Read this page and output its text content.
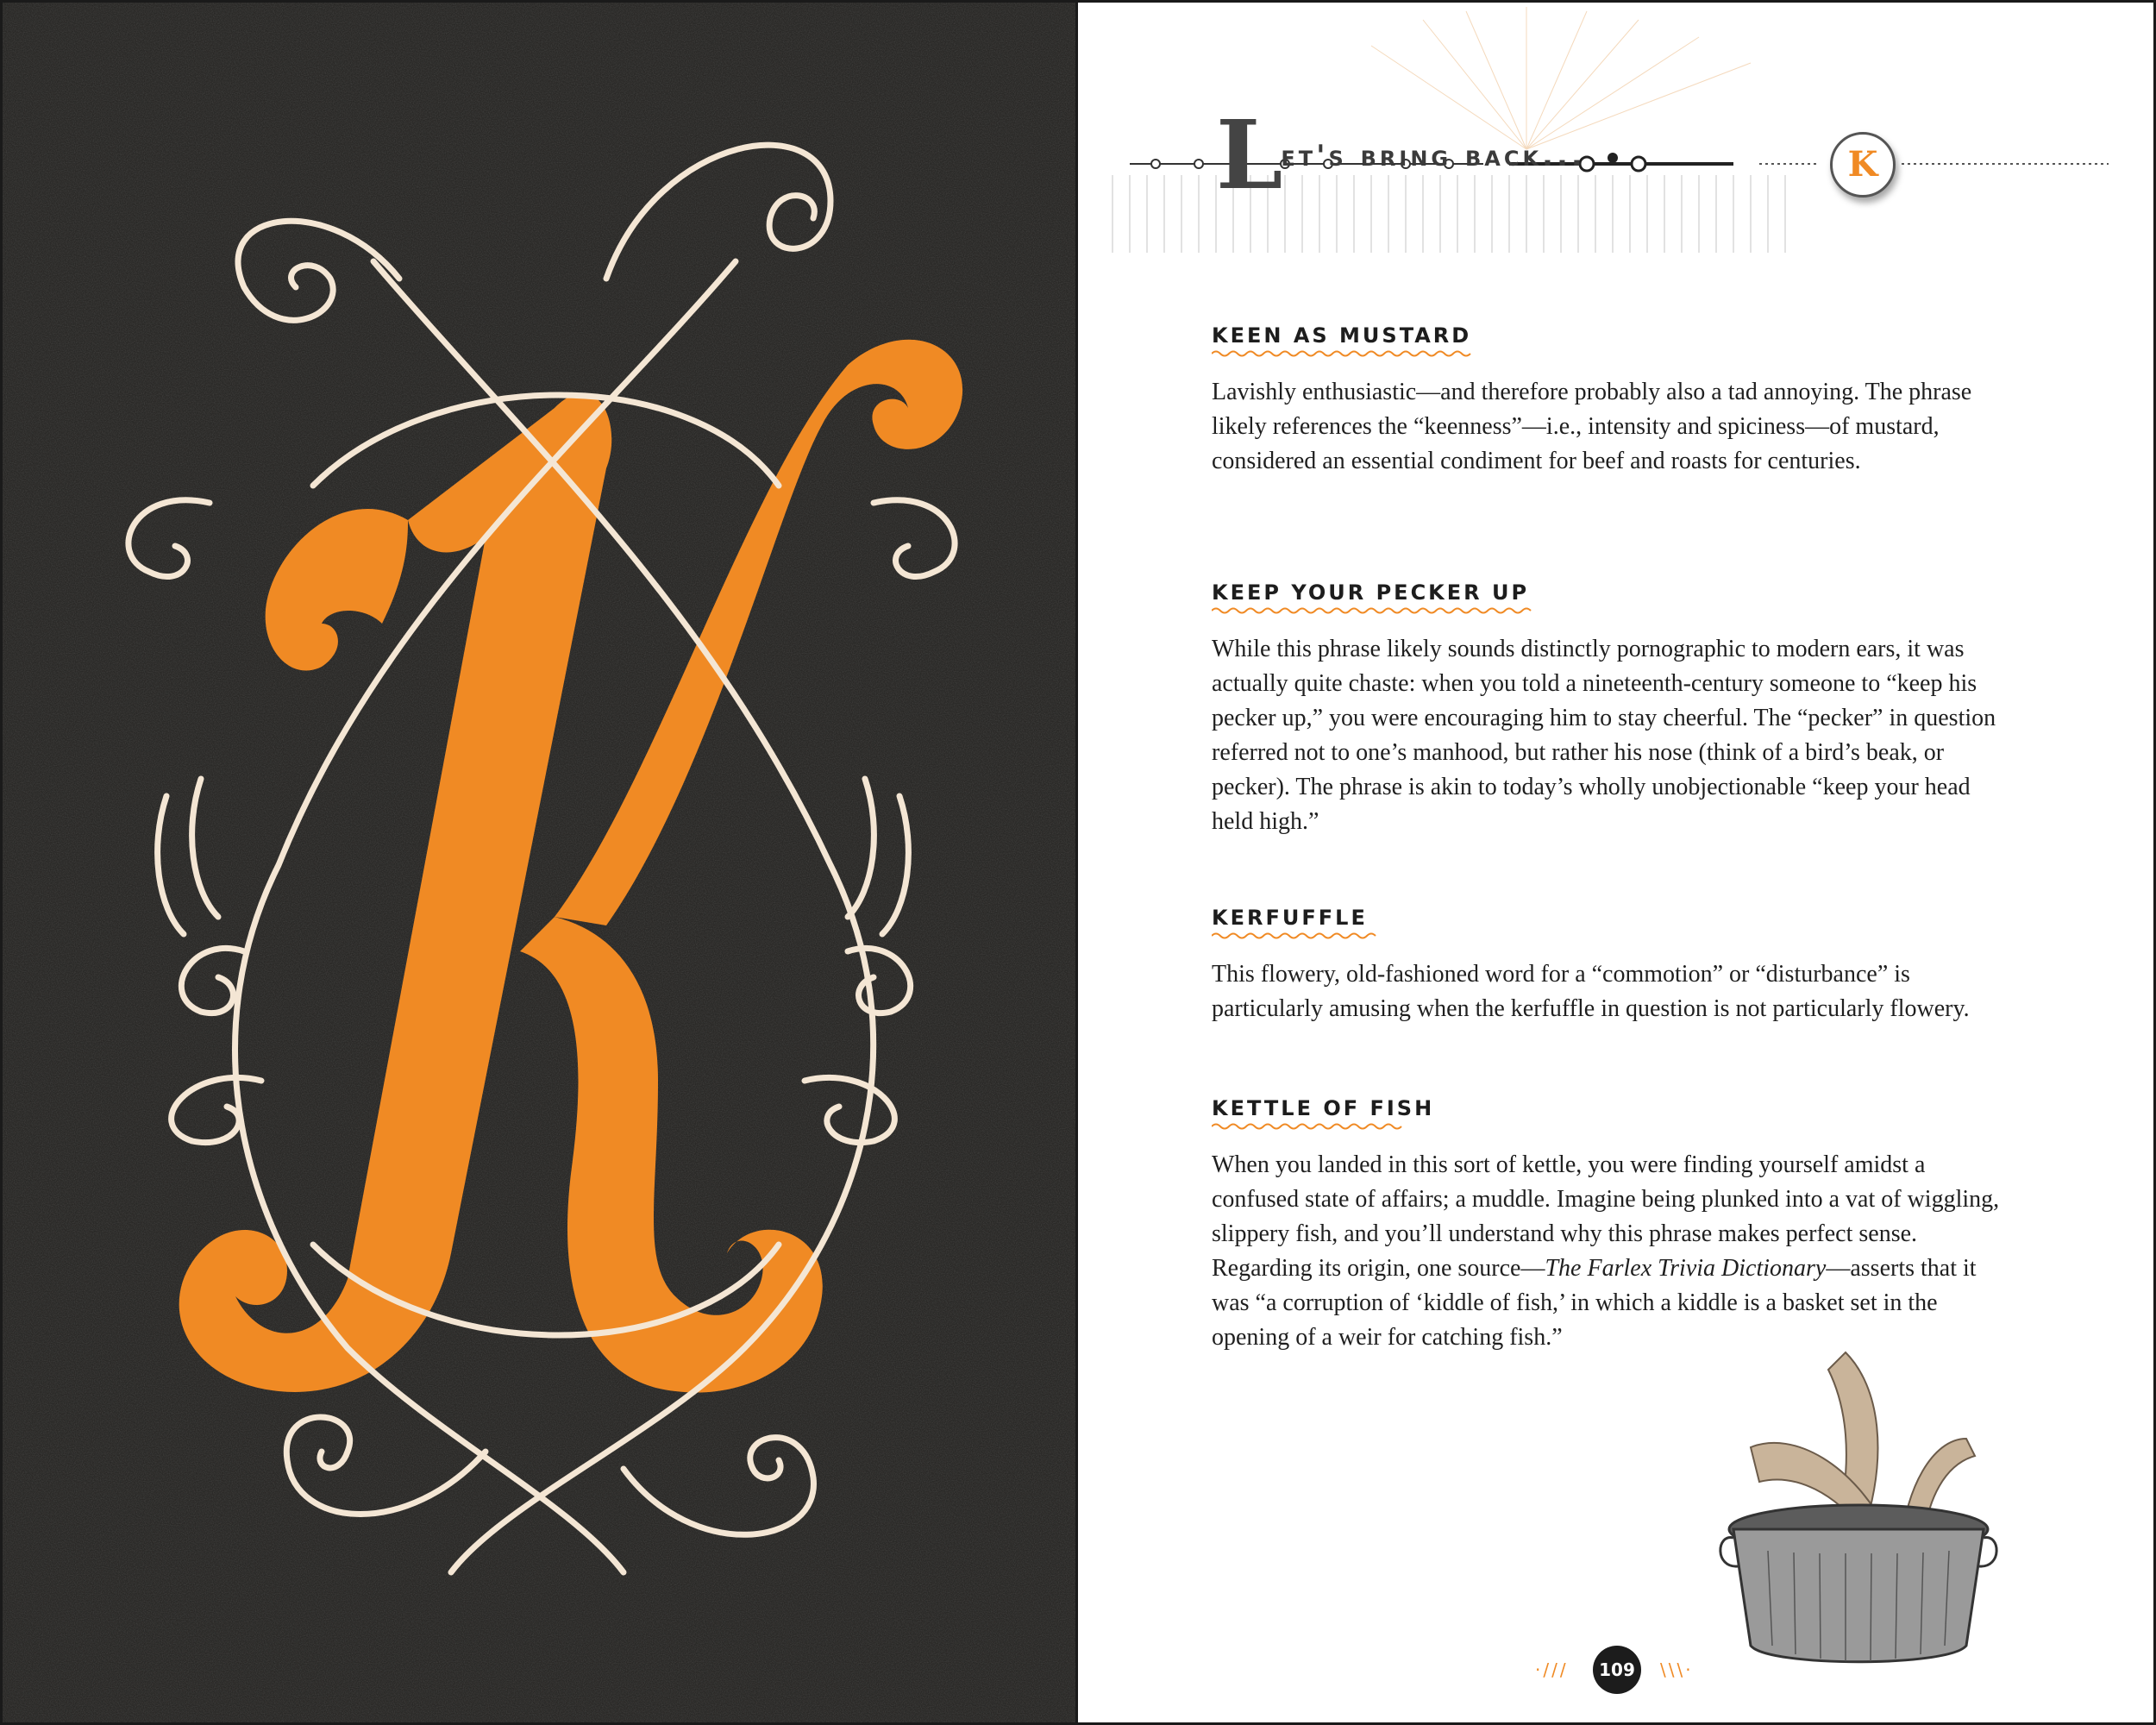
Let's bring back...	K
KEEN AS MUSTARD

Lavishly enthusiastic—and therefore probably also a tad annoying. The phrase likely references the “keenness”—i.e., intensity and spiciness—of mustard, considered an essential condiment for beef and roasts for centuries.

KEEP YOUR PECKER UP

While this phrase likely sounds distinctly pornographic to modern ears, it was actually quite chaste: when you told a nineteenth-century someone to “keep his pecker up,” you were encouraging him to stay cheerful. The “pecker” in question referred not to one’s manhood, but rather his nose (think of a bird’s beak, or pecker). The phrase is akin to today’s wholly unobjectionable “keep your head held high.”

KERFUFFLE

This flowery, old-fashioned word for a “commotion” or “disturbance” is particularly amusing when the kerfuffle in question is not particularly flowery.

KETTLE OF FISH

When you landed in this sort of kettle, you were finding yourself amidst a confused state of affairs; a muddle. Imagine being plunked into a vat of wiggling, slippery fish, and you’ll understand why this phrase makes perfect sense. Regarding its origin, one source—The Farlex Trivia Dictionary—asserts that it was “a corruption of ‘kiddle of fish,’ in which a kiddle is a basket set in the opening of a weir for catching fish.”

·///	109	\\\·
